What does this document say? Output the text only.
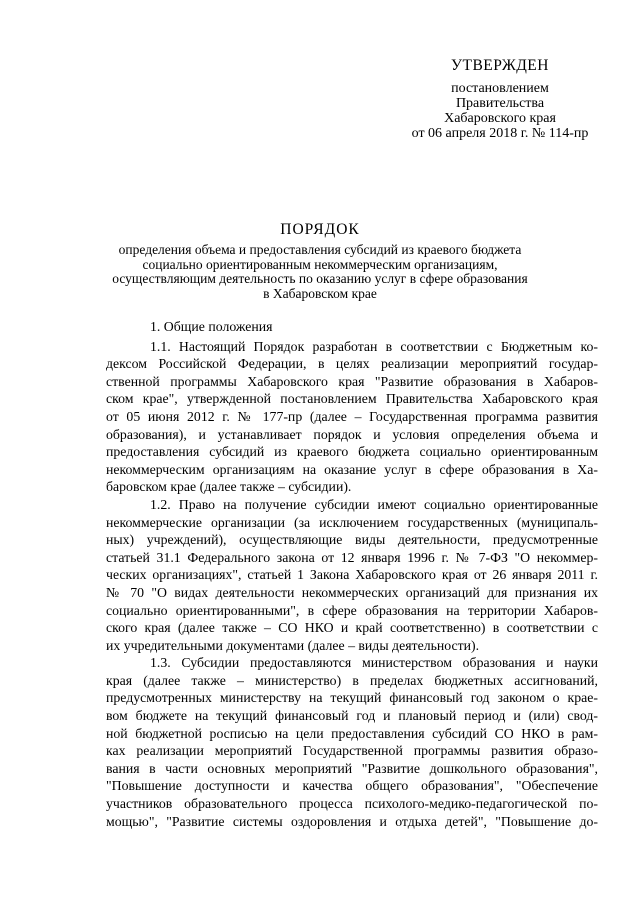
УТВЕРЖДЕН
постановлением
Правительства
Хабаровского края
от 06 апреля 2018 г. № 114-пр
ПОРЯДОК
определения объема и предоставления субсидий из краевого бюджета
социально ориентированным некоммерческим организациям,
осуществляющим деятельность по оказанию услуг в сфере образования
в Хабаровском крае
1. Общие положения
1.1. Настоящий Порядок разработан в соответствии с Бюджетным ко-
дексом Российской Федерации, в целях реализации мероприятий государ-
ственной программы Хабаровского края "Развитие образования в Хабаров-
ском крае", утвержденной постановлением Правительства Хабаровского края
от 05 июня 2012 г. № 177-пр (далее – Государственная программа развития
образования), и устанавливает порядок и условия определения объема и
предоставления субсидий из краевого бюджета социально ориентированным
некоммерческим организациям на оказание услуг в сфере образования в Ха-
баровском крае (далее также – субсидии).
1.2. Право на получение субсидии имеют социально ориентированные
некоммерческие организации (за исключением государственных (муниципаль-
ных) учреждений), осуществляющие виды деятельности, предусмотренные
статьей 31.1 Федерального закона от 12 января 1996 г. № 7-ФЗ "О некоммер-
ческих организациях", статьей 1 Закона Хабаровского края от 26 января 2011 г.
№ 70 "О видах деятельности некоммерческих организаций для признания их
социально ориентированными", в сфере образования на территории Хабаров-
ского края (далее также – СО НКО и край соответственно) в соответствии с
их учредительными документами (далее – виды деятельности).
1.3. Субсидии предоставляются министерством образования и науки
края (далее также – министерство) в пределах бюджетных ассигнований,
предусмотренных министерству на текущий финансовый год законом о крае-
вом бюджете на текущий финансовый год и плановый период и (или) свод-
ной бюджетной росписью на цели предоставления субсидий СО НКО в рам-
ках реализации мероприятий Государственной программы развития образо-
вания в части основных мероприятий "Развитие дошкольного образования",
"Повышение доступности и качества общего образования", "Обеспечение
участников образовательного процесса психолого-медико-педагогической по-
мощью", "Развитие системы оздоровления и отдыха детей", "Повышение до-
